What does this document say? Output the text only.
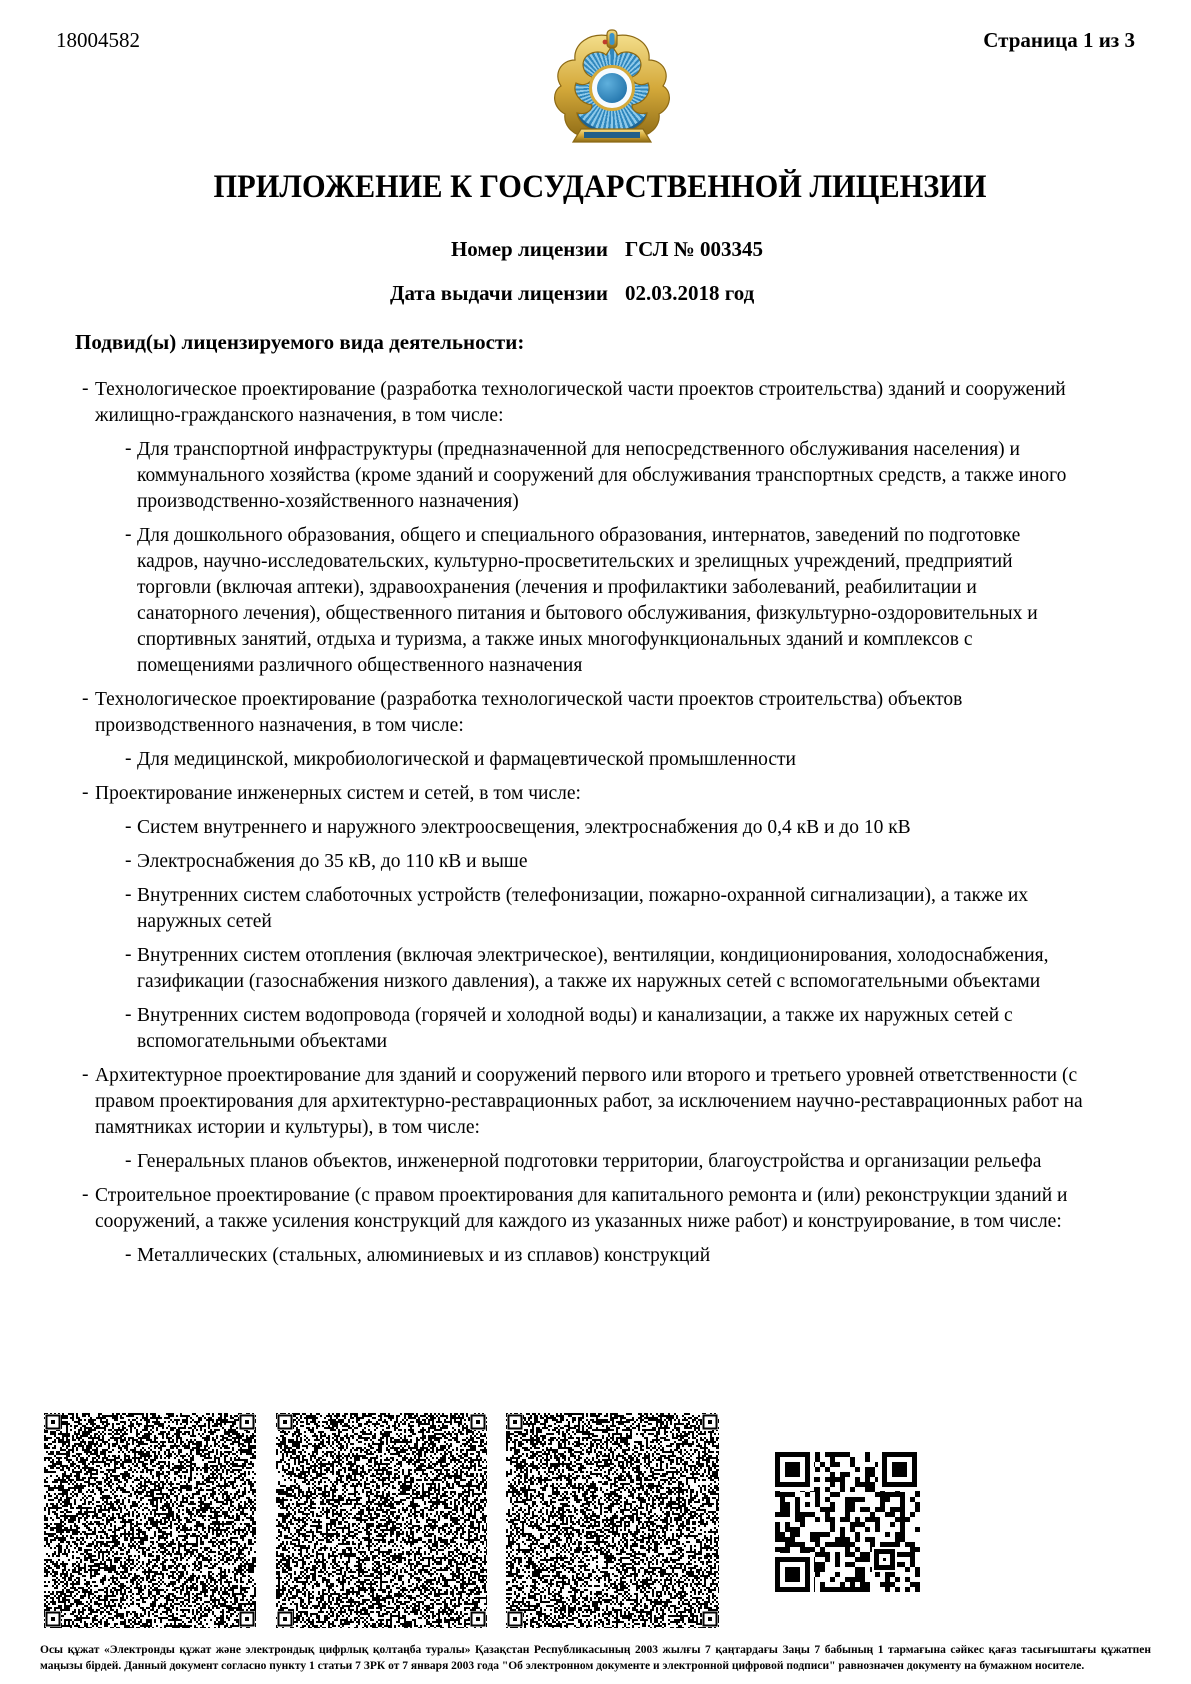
18004582	Страница 1 из 3
ПРИЛОЖЕНИЕ К ГОСУДАРСТВЕННОЙ ЛИЦЕНЗИИ
Номер лицензии ГСЛ № 003345
Дата выдачи лицензии 02.03.2018 год
Подвид(ы) лицензируемого вида деятельности:
- Технологическое проектирование (разработка технологической части проектов строительства) зданий и сооружений жилищно-гражданского назначения, в том числе:
- Для транспортной инфраструктуры (предназначенной для непосредственного обслуживания населения) и коммунального хозяйства (кроме зданий и сооружений для обслуживания транспортных средств, а также иного производственно-хозяйственного назначения)
- Для дошкольного образования, общего и специального образования, интернатов, заведений по подготовке кадров, научно-исследовательских, культурно-просветительских и зрелищных учреждений, предприятий торговли (включая аптеки), здравоохранения (лечения и профилактики заболеваний, реабилитации и санаторного лечения), общественного питания и бытового обслуживания, физкультурно-оздоровительных и спортивных занятий, отдыха и туризма, а также иных многофункциональных зданий и комплексов с помещениями различного общественного назначения
- Технологическое проектирование (разработка технологической части проектов строительства) объектов производственного назначения, в том числе:
- Для медицинской, микробиологической и фармацевтической промышленности
- Проектирование инженерных систем и сетей, в том числе:
- Систем внутреннего и наружного электроосвещения, электроснабжения до 0,4 кВ и до 10 кВ
- Электроснабжения до 35 кВ, до 110 кВ и выше
- Внутренних систем слаботочных устройств (телефонизации, пожарно-охранной сигнализации), а также их наружных сетей
- Внутренних систем отопления (включая электрическое), вентиляции, кондиционирования, холодоснабжения, газификации (газоснабжения низкого давления), а также их наружных сетей с вспомогательными объектами
- Внутренних систем водопровода (горячей и холодной воды) и канализации, а также их наружных сетей с вспомогательными объектами
- Архитектурное проектирование для зданий и сооружений первого или второго и третьего уровней ответственности (с правом проектирования для архитектурно-реставрационных работ, за исключением научно-реставрационных работ на памятниках истории и культуры), в том числе:
- Генеральных планов объектов, инженерной подготовки территории, благоустройства и организации рельефа
- Строительное проектирование (с правом проектирования для капитального ремонта и (или) реконструкции зданий и сооружений, а также усиления конструкций для каждого из указанных ниже работ) и конструирование, в том числе:
- Металлических (стальных, алюминиевых и из сплавов) конструкций
Осы құжат «Электронды құжат және электрондық цифрлық қолтаңба туралы» Қазақстан Республикасының 2003 жылғы 7 қаңтардағы Заңы 7 бабының 1 тармағына сәйкес қағаз тасығыштағы құжатпен маңызы бірдей. Данный документ согласно пункту 1 статьи 7 ЗРК от 7 января 2003 года "Об электронном документе и электронной цифровой подписи" равнозначен документу на бумажном носителе.
